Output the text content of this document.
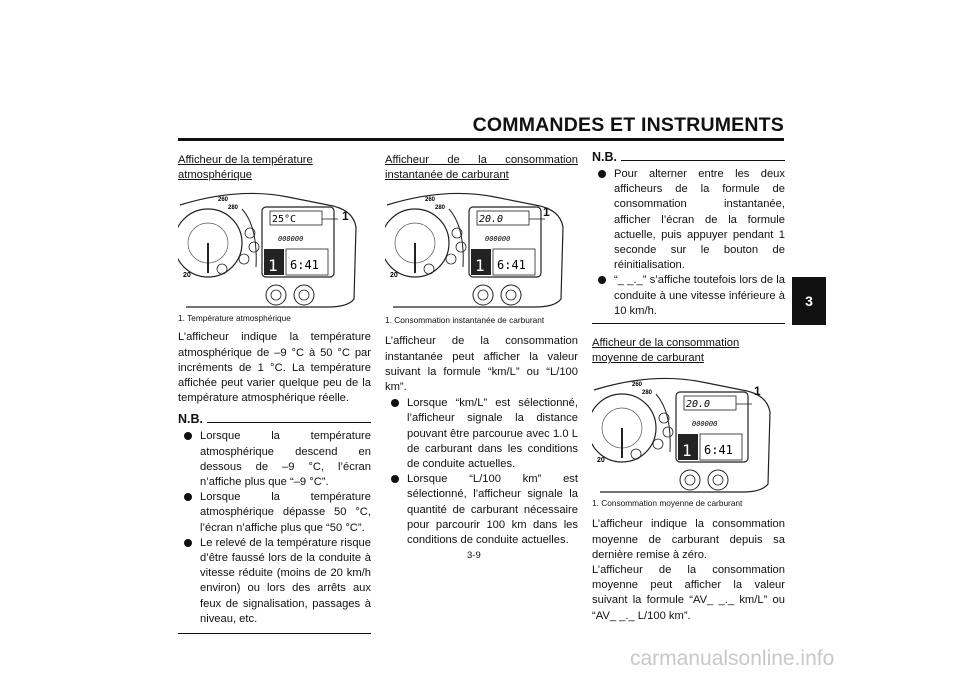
COMMANDES ET INSTRUMENTS
3

Afficheur de la température atmosphérique

25°C
260
280
20
000000
1 6:41
1

1. Température atmosphérique

L’afficheur indique la température atmosphérique de –9 °C à 50 °C par incréments de 1 °C. La température affichée peut varier quelque peu de la température atmosphérique réelle.

N.B.
Lorsque la température atmosphérique descend en dessous de –9 °C, l’écran n’affiche plus que “–9 °C”.
Lorsque la température atmosphérique dépasse 50 °C, l’écran n’affiche plus que “50 °C”.
Le relevé de la température risque d’être faussé lors de la conduite à vitesse réduite (moins de 20 km/h environ) ou lors des arrêts aux feux de signalisation, passages à niveau, etc.

Afficheur de la consommation instantanée de carburant

20.0
260
280
20
000000
1 6:41
1

1. Consommation instantanée de carburant

L’afficheur de la consommation instantanée peut afficher la valeur suivant la formule “km/L” ou “L/100 km”.

Lorsque “km/L” est sélectionné, l’afficheur signale la distance pouvant être parcourue avec 1.0 L de carburant dans les conditions de conduite actuelles.
Lorsque “L/100 km” est sélectionné, l’afficheur signale la quantité de carburant nécessaire pour parcourir 100 km dans les conditions de conduite actuelles.
N.B.
Pour alterner entre les deux afficheurs de la formule de consommation instantanée, afficher l’écran de la formule actuelle, puis appuyer pendant 1 seconde sur le bouton de réinitialisation.
“_ _._” s’affiche toutefois lors de la conduite à une vitesse inférieure à 10 km/h.

Afficheur de la consommation moyenne de carburant

20.0
260
280
20
000000
1 6:41
1

1. Consommation moyenne de carburant

L’afficheur indique la consommation moyenne de carburant depuis sa dernière remise à zéro.

L’afficheur de la consommation moyenne peut afficher la valeur suivant la formule “AV_ _._ km/L” ou “AV_ _._ L/100 km”.

3-9
carmanualsonline.info
